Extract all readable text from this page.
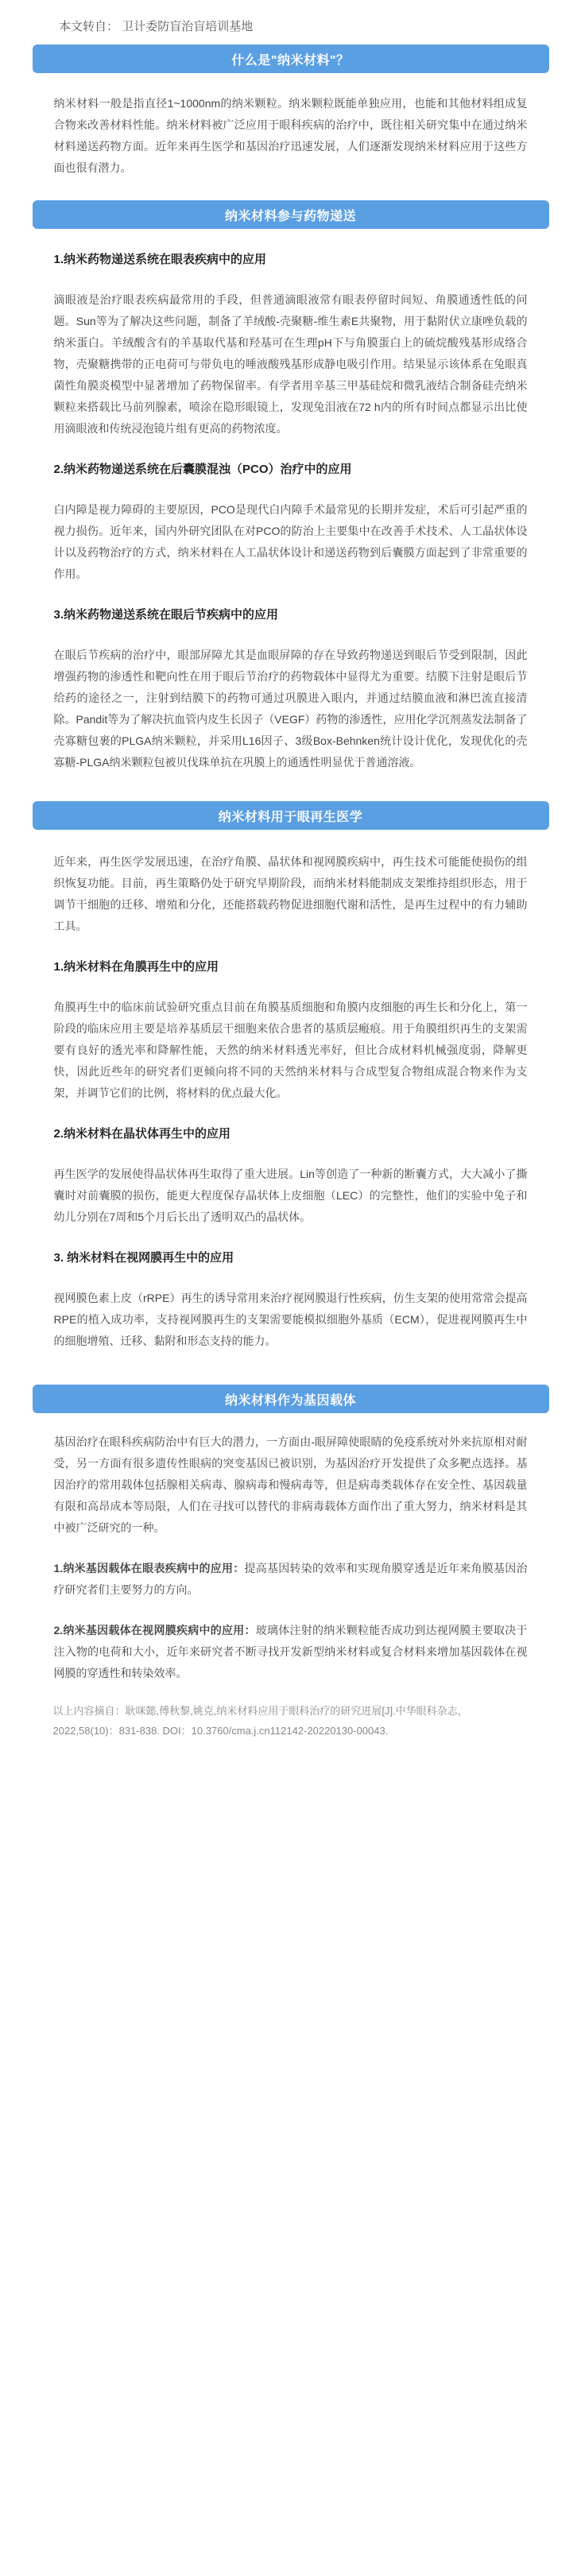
本文转自： 卫计委防盲治盲培训基地
什么是"纳米材料"？

纳米材料一般是指直径1~1000nm的纳米颗粒。纳米颗粒既能单独应用，也能和其他材料组成复合物来改善材料性能。纳米材料被广泛应用于眼科疾病的治疗中，既往相关研究集中在通过纳米材料递送药物方面。近年来再生医学和基因治疗迅速发展，人们逐渐发现纳米材料应用于这些方面也很有潜力。

纳米材料参与药物递送
1.纳米药物递送系统在眼表疾病中的应用

滴眼液是治疗眼表疾病最常用的手段，但普通滴眼液常有眼表停留时间短、角膜通透性低的问题。Sun等为了解决这些问题，制备了羊绒酸-壳聚糖-维生素E共聚物，用于黏附伏立康唑负载的纳米蛋白。羊绒酸含有的羊基取代基和羟基可在生理pH下与角膜蛋白上的硫烷酸残基形成络合物，壳聚糖携带的正电荷可与带负电的唾液酸残基形成静电吸引作用。结果显示该体系在兔眼真菌性角膜炎模型中显著增加了药物保留率。有学者用辛基三甲基硅烷和微乳液结合制备硅壳纳米颗粒来搭载比马前列腺素，喷涂在隐形眼镜上，发现兔泪液在72 h内的所有时间点都显示出比使用滴眼液和传统浸泡镜片组有更高的药物浓度。

2.纳米药物递送系统在后囊膜混浊（PCO）治疗中的应用

白内障是视力障碍的主要原因，PCO是现代白内障手术最常见的长期并发症，术后可引起严重的视力损伤。近年来，国内外研究团队在对PCO的防治上主要集中在改善手术技术、人工晶状体设计以及药物治疗的方式，纳米材料在人工晶状体设计和递送药物到后囊膜方面起到了非常重要的作用。

3.纳米药物递送系统在眼后节疾病中的应用

在眼后节疾病的治疗中，眼部屏障尤其是血眼屏障的存在导致药物递送到眼后节受到限制，因此增强药物的渗透性和靶向性在用于眼后节治疗的药物载体中显得尤为重要。结膜下注射是眼后节给药的途径之一，注射到结膜下的药物可通过巩膜进入眼内，并通过结膜血液和淋巴流直接清除。Pandit等为了解决抗血管内皮生长因子（VEGF）药物的渗透性，应用化学沉剂蒸发法制备了壳寡糖包裹的PLGA纳米颗粒，并采用L16因子、3级Box-Behnken统计设计优化，发现优化的壳寡糖-PLGA纳米颗粒包被贝伐珠单抗在巩膜上的通透性明显优于普通溶液。

纳米材料用于眼再生医学

近年来，再生医学发展迅速，在治疗角膜、晶状体和视网膜疾病中，再生技术可能能使损伤的组织恢复功能。目前，再生策略仍处于研究早期阶段，而纳米材料能制成支架维持组织形态，用于调节干细胞的迁移、增殖和分化，还能搭载药物促进细胞代谢和活性，是再生过程中的有力辅助工具。

1.纳米材料在角膜再生中的应用

角膜再生中的临床前试验研究重点目前在角膜基质细胞和角膜内皮细胞的再生长和分化上，第一阶段的临床应用主要是培养基质层干细胞来依合患者的基质层瘢痕。用于角膜组织再生的支架需要有良好的透光率和降解性能，天然的纳米材料透光率好，但比合成材料机械强度弱，降解更快，因此近些年的研究者们更倾向将不同的天然纳米材料与合成型复合物组成混合物来作为支架，并调节它们的比例，将材料的优点最大化。

2.纳米材料在晶状体再生中的应用

再生医学的发展使得晶状体再生取得了重大进展。Lin等创造了一种新的断囊方式，大大减小了撕囊时对前囊膜的损伤，能更大程度保存晶状体上皮细胞（LEC）的完整性，他们的实验中兔子和幼儿分别在7周和5个月后长出了透明双凸的晶状体。

3. 纳米材料在视网膜再生中的应用

视网膜色素上皮（rRPE）再生的诱导常用来治疗视网膜退行性疾病，仿生支架的使用常常会提高RPE的植入成功率，支持视网膜再生的支架需要能模拟细胞外基质（ECM），促进视网膜再生中的细胞增殖、迁移、黏附和形态支持的能力。

纳米材料作为基因载体

基因治疗在眼科疾病防治中有巨大的潜力，一方面由-眼屏障使眼睛的免疫系统对外来抗原相对耐受，另一方面有很多遗传性眼病的突变基因已被识别，为基因治疗开发提供了众多靶点选择。基因治疗的常用载体包括腺相关病毒、腺病毒和慢病毒等，但是病毒类载体存在安全性、基因载量有限和高昂成本等局限，人们在寻找可以替代的非病毒载体方面作出了重大努力，纳米材料是其中被广泛研究的一种。

1.纳米基因载体在眼表疾病中的应用：提高基因转染的效率和实现角膜穿透是近年来角膜基因治疗研究者们主要努力的方向。

2.纳米基因载体在视网膜疾病中的应用：玻璃体注射的纳米颗粒能否成功到达视网膜主要取决于注入物的电荷和大小，近年来研究者不断寻找开发新型纳米材料或复合材料来增加基因载体在视网膜的穿透性和转染效率。

以上内容摘自：耿咪懿,傅秋黎,姚克,纳米材料应用于眼科治疗的研究进展[J].中华眼科杂志，2022,58(10)：831-838. DOI：10.3760/cma.j.cn112142-20220130-00043.
